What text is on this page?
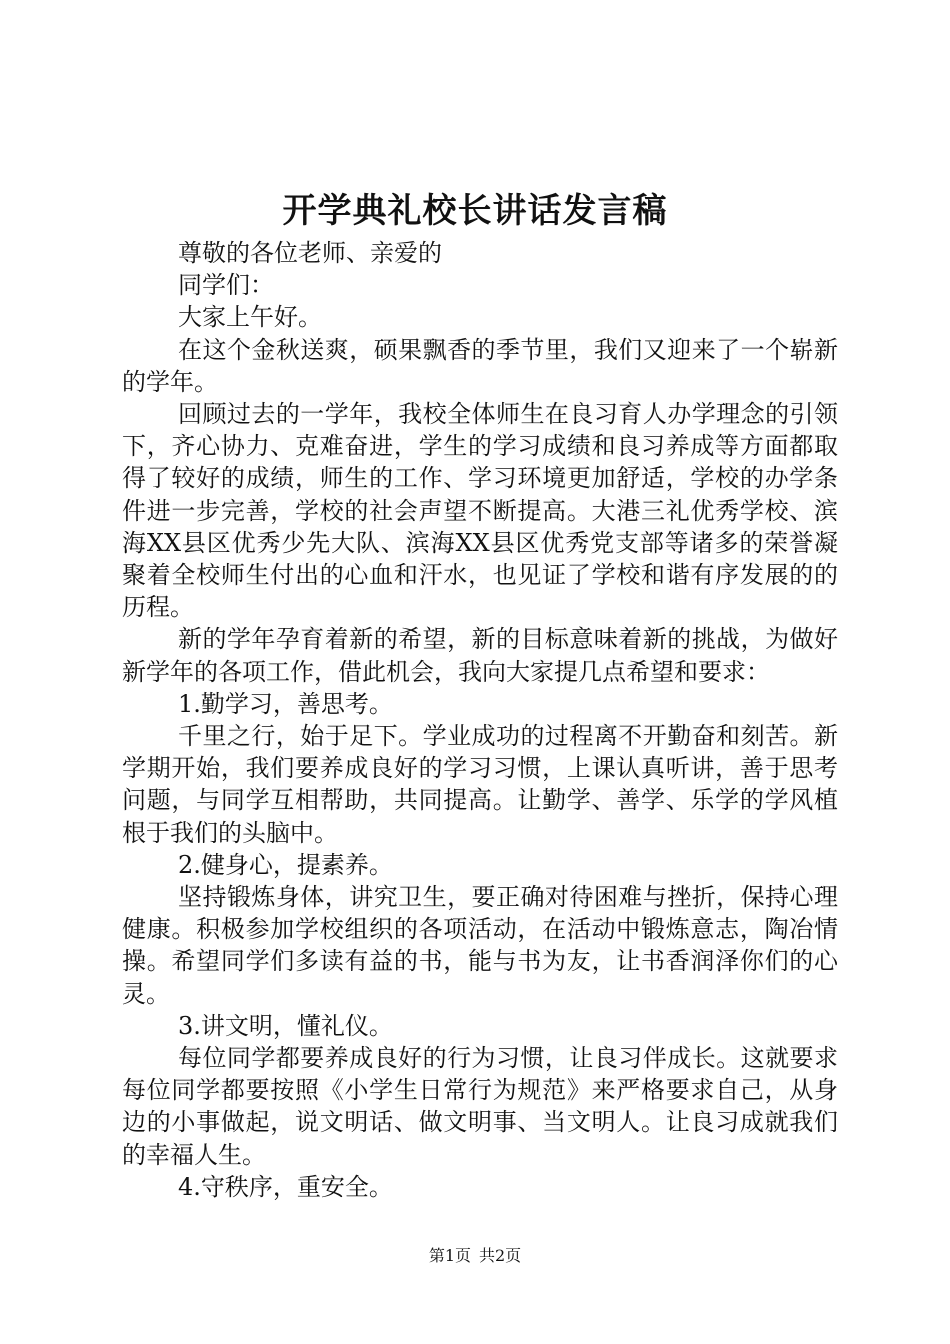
开学典礼校长讲话发言稿

尊敬的各位老师、亲爱的

同学们：

大家上午好。

在这个金秋送爽，硕果飘香的季节里，我们又迎来了一个崭新的学年。

回顾过去的一学年，我校全体师生在良习育人办学理念的引领下，齐心协力、克难奋进，学生的学习成绩和良习养成等方面都取得了较好的成绩，师生的工作、学习环境更加舒适，学校的办学条件进一步完善，学校的社会声望不断提高。大港三礼优秀学校、滨海XX县区优秀少先大队、滨海XX县区优秀党支部等诸多的荣誉凝聚着全校师生付出的心血和汗水，也见证了学校和谐有序发展的的历程。

新的学年孕育着新的希望，新的目标意味着新的挑战，为做好新学年的各项工作，借此机会，我向大家提几点希望和要求：

1.勤学习，善思考。

千里之行，始于足下。学业成功的过程离不开勤奋和刻苦。新学期开始，我们要养成良好的学习习惯，上课认真听讲，善于思考问题，与同学互相帮助，共同提高。让勤学、善学、乐学的学风植根于我们的头脑中。

2.健身心，提素养。

坚持锻炼身体，讲究卫生，要正确对待困难与挫折，保持心理健康。积极参加学校组织的各项活动，在活动中锻炼意志，陶冶情操。希望同学们多读有益的书，能与书为友，让书香润泽你们的心灵。

3.讲文明，懂礼仪。

每位同学都要养成良好的行为习惯，让良习伴成长。这就要求每位同学都要按照《小学生日常行为规范》来严格要求自己，从身边的小事做起，说文明话、做文明事、当文明人。让良习成就我们的幸福人生。

4.守秩序，重安全。

第1页 共2页
